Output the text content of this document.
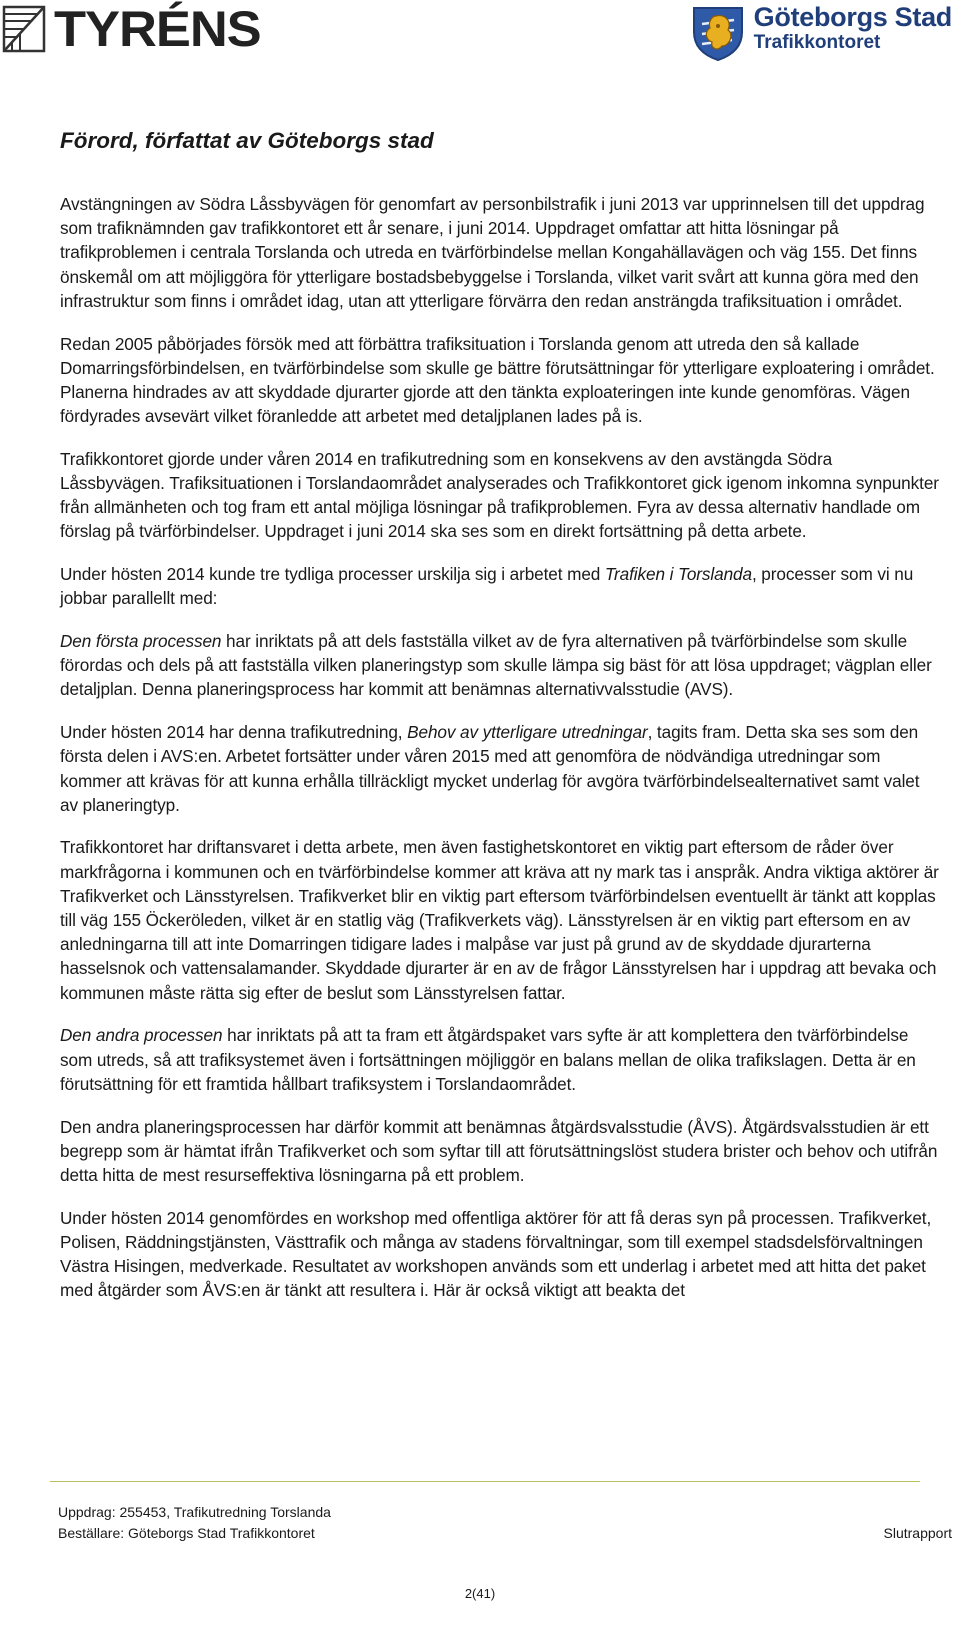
TYRÉNS	Göteborgs Stad
Trafikkontoret
Förord, författat av Göteborgs stad

Avstängningen av Södra Låssbyvägen för genomfart av personbilstrafik i juni 2013 var upprinnelsen till det uppdrag som trafiknämnden gav trafikkontoret ett år senare, i juni 2014. Uppdraget omfattar att hitta lösningar på trafikproblemen i centrala Torslanda och utreda en tvärförbindelse mellan Kongahällavägen och väg 155. Det finns önskemål om att möjliggöra för ytterligare bostadsbebyggelse i Torslanda, vilket varit svårt att kunna göra med den infrastruktur som finns i området idag, utan att ytterligare förvärra den redan ansträngda trafiksituation i området.

Redan 2005 påbörjades försök med att förbättra trafiksituation i Torslanda genom att utreda den så kallade Domarringsförbindelsen, en tvärförbindelse som skulle ge bättre förutsättningar för ytterligare exploatering i området. Planerna hindrades av att skyddade djurarter gjorde att den tänkta exploateringen inte kunde genomföras. Vägen fördyrades avsevärt vilket föranledde att arbetet med detaljplanen lades på is.

Trafikkontoret gjorde under våren 2014 en trafikutredning som en konsekvens av den avstängda Södra Låssbyvägen. Trafiksituationen i Torslandaområdet analyserades och Trafikkontoret gick igenom inkomna synpunkter från allmänheten och tog fram ett antal möjliga lösningar på trafikproblemen. Fyra av dessa alternativ handlade om förslag på tvärförbindelser. Uppdraget i juni 2014 ska ses som en direkt fortsättning på detta arbete.

Under hösten 2014 kunde tre tydliga processer urskilja sig i arbetet med Trafiken i Torslanda, processer som vi nu jobbar parallellt med:

Den första processen har inriktats på att dels fastställa vilket av de fyra alternativen på tvärförbindelse som skulle förordas och dels på att fastställa vilken planeringstyp som skulle lämpa sig bäst för att lösa uppdraget; vägplan eller detaljplan. Denna planeringsprocess har kommit att benämnas alternativvalsstudie (AVS).

Under hösten 2014 har denna trafikutredning, Behov av ytterligare utredningar, tagits fram. Detta ska ses som den första delen i AVS:en. Arbetet fortsätter under våren 2015 med att genomföra de nödvändiga utredningar som kommer att krävas för att kunna erhålla tillräckligt mycket underlag för avgöra tvärförbindelsealternativet samt valet av planeringtyp.

Trafikkontoret har driftansvaret i detta arbete, men även fastighetskontoret en viktig part eftersom de råder över markfrågorna i kommunen och en tvärförbindelse kommer att kräva att ny mark tas i anspråk. Andra viktiga aktörer är Trafikverket och Länsstyrelsen. Trafikverket blir en viktig part eftersom tvärförbindelsen eventuellt är tänkt att kopplas till väg 155 Öckeröleden, vilket är en statlig väg (Trafikverkets väg). Länsstyrelsen är en viktig part eftersom en av anledningarna till att inte Domarringen tidigare lades i malpåse var just på grund av de skyddade djurarterna hasselsnok och vattensalamander. Skyddade djurarter är en av de frågor Länsstyrelsen har i uppdrag att bevaka och kommunen måste rätta sig efter de beslut som Länsstyrelsen fattar.

Den andra processen har inriktats på att ta fram ett åtgärdspaket vars syfte är att komplettera den tvärförbindelse som utreds, så att trafiksystemet även i fortsättningen möjliggör en balans mellan de olika trafikslagen. Detta är en förutsättning för ett framtida hållbart trafiksystem i Torslandaområdet.

Den andra planeringsprocessen har därför kommit att benämnas åtgärdsvalsstudie (ÅVS). Åtgärdsvalsstudien är ett begrepp som är hämtat ifrån Trafikverket och som syftar till att förutsättningslöst studera brister och behov och utifrån detta hitta de mest resurseffektiva lösningarna på ett problem.

Under hösten 2014 genomfördes en workshop med offentliga aktörer för att få deras syn på processen. Trafikverket, Polisen, Räddningstjänsten, Västtrafik och många av stadens förvaltningar, som till exempel stadsdelsförvaltningen Västra Hisingen, medverkade. Resultatet av workshopen används som ett underlag i arbetet med att hitta det paket med åtgärder som ÅVS:en är tänkt att resultera i. Här är också viktigt att beakta det

Uppdrag: 255453, Trafikutredning Torslanda
Beställare: Göteborgs Stad Trafikkontoret	Slutrapport
2(41)
